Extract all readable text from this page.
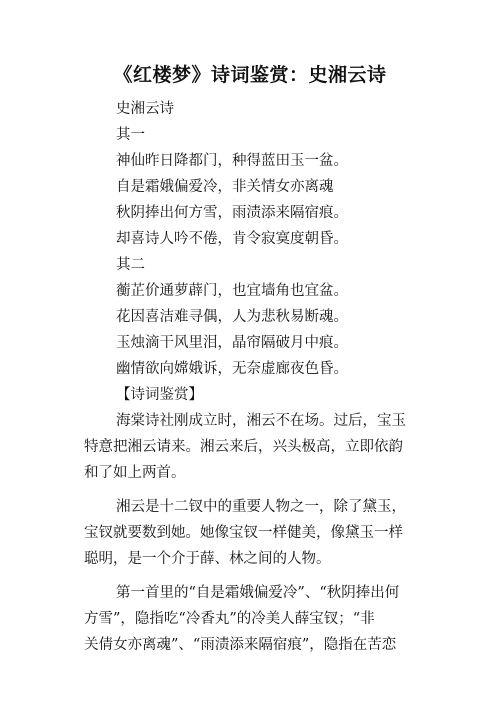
《红楼梦》诗词鉴赏：史湘云诗
史湘云诗
其一
神仙昨日降都门，种得蓝田玉一盆。
自是霜娥偏爱冷，非关情女亦离魂
秋阴捧出何方雪，雨渍添来隔宿痕。
却喜诗人吟不倦，肯令寂寞度朝昏。
其二
蘅芷价通萝薜门，也宜墙角也宜盆。
花因喜洁难寻偶，人为悲秋易断魂。
玉烛滴干风里泪，晶帘隔破月中痕。
幽情欲向嫦娥诉，无奈虚廊夜色昏。
【诗词鉴赏】
海棠诗社刚成立时，湘云不在场。过后，宝玉
特意把湘云请来。湘云来后，兴头极高，立即依韵
和了如上两首。
湘云是十二钗中的重要人物之一，除了黛玉，
宝钗就要数到她。她像宝钗一样健美，像黛玉一样
聪明，是一个介于薛、林之间的人物。
第一首里的“自是霜娥偏爱冷”、“秋阴捧出何
方雪”，隐指吃“冷香丸”的冷美人薛宝钗；“非
关倩女亦离魂”、“雨渍添来隔宿痕”，隐指在苦恋
